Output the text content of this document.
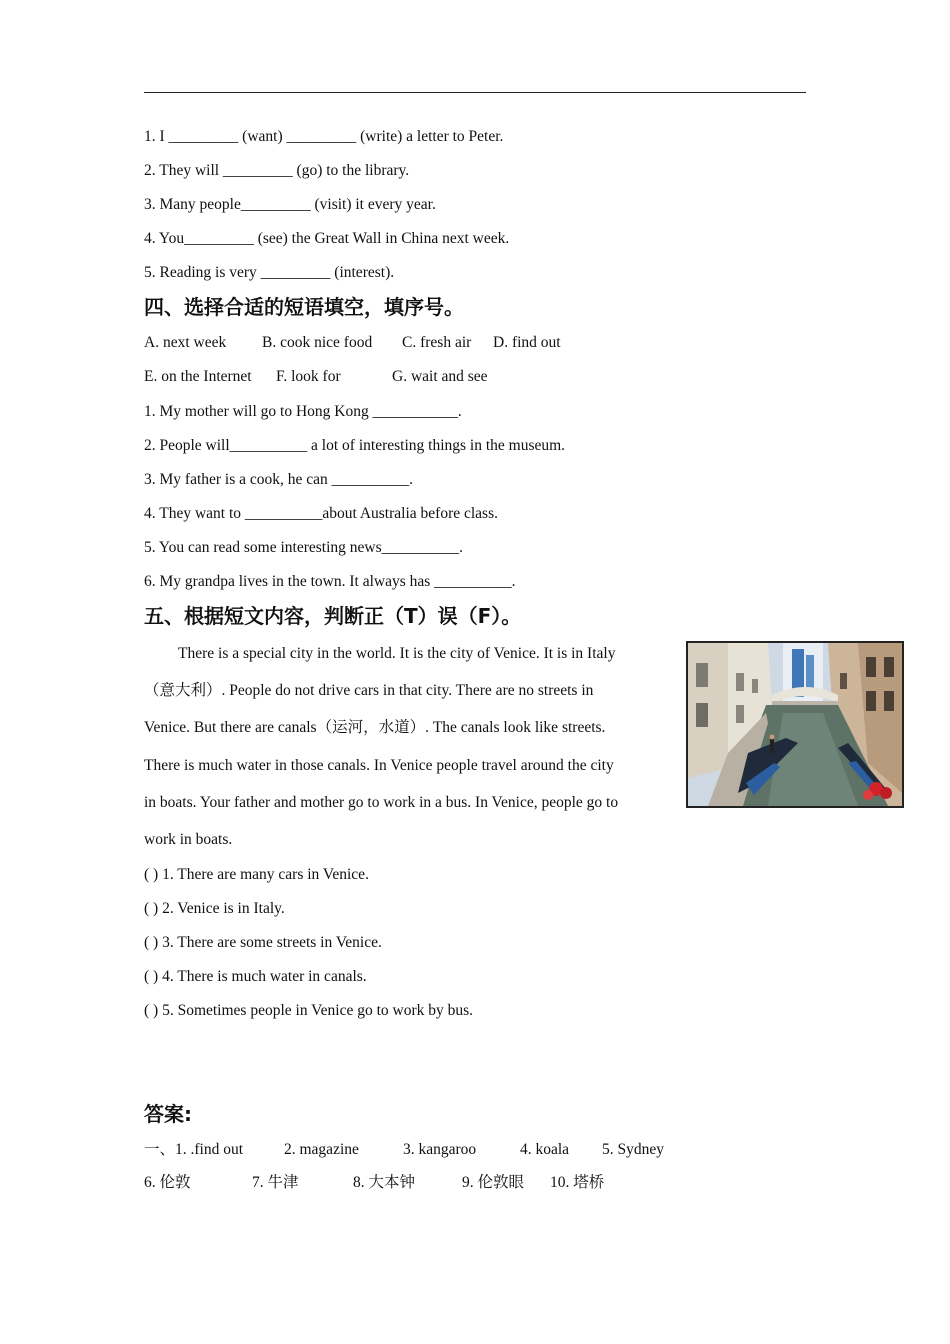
1. I _________ (want) _________ (write) a letter to Peter.
2. They will _________ (go) to the library.
3. Many people_________ (visit) it every year.
4. You_________ (see) the Great Wall in China next week.
5. Reading is very _________ (interest).
四、选择合适的短语填空，填序号。
A. next week B. cook nice food C. fresh air D. find out
E. on the Internet F. look for	G. wait and see
1. My mother will go to Hong Kong ___________.
2. People will__________ a lot of interesting things in the museum.
3. My father is a cook, he can __________.
4. They want to __________about Australia before class.
5. You can read some interesting news__________.
6. My grandpa lives in the town. It always has __________.
五、根据短文内容，判断正（T）误（F）。
There is a special city in the world. It is the city of Venice. It is in Italy
（意大利）. People do not drive cars in that city. There are no streets in
Venice. But there are canals（运河，水道）. The canals look like streets.
There is much water in those canals. In Venice people travel around the city
in boats. Your father and mother go to work in a bus. In Venice, people go to
work in boats.
( ) 1. There are many cars in Venice.
( ) 2. Venice is in Italy.
( ) 3. There are some streets in Venice.
( ) 4. There is much water in canals.
( ) 5. Sometimes people in Venice go to work by bus.
答案:
一、1. .find out	2. magazine	3. kangaroo	4. koala 5. Sydney
6. 伦敦	7. 牛津	8. 大本钟	9. 伦敦眼 10. 塔桥
